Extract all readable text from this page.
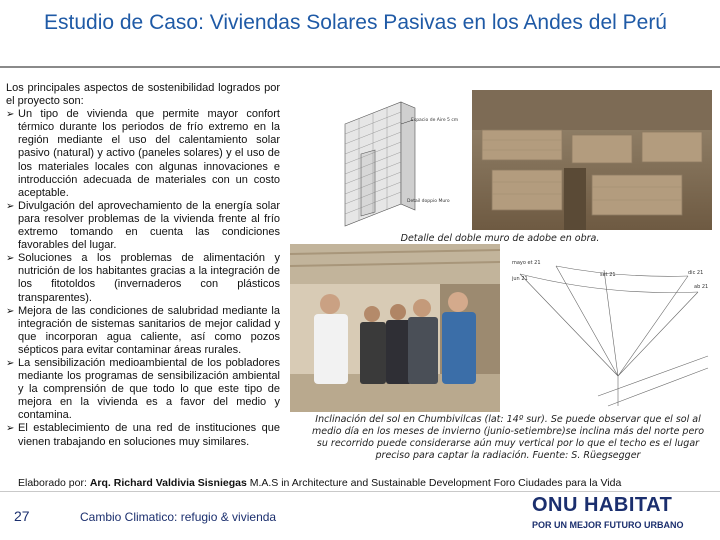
Estudio de Caso: Viviendas Solares Pasivas en los Andes del Perú

Los principales aspectos de sostenibilidad logrados por el proyecto son:

➢ Un tipo de vivienda que permite mayor confort térmico durante los periodos de frío extremo en la región mediante el uso del calentamiento solar pasivo (natural) y activo (paneles solares) y el uso de los materiales locales con algunas innovaciones e introducción adecuada de materiales con un costo aceptable.
➢ Divulgación del aprovechamiento de la energía solar para resolver problemas de la vivienda frente al frío extremo tomando en cuenta las condiciones favorables del lugar.
➢ Soluciones a los problemas de alimentación y nutrición de los habitantes gracias a la integración de los fitotoldos (invernaderos con plásticos transparentes).
➢ Mejora de las condiciones de salubridad mediante la integración de sistemas sanitarios de mejor calidad y que incorporan agua caliente, así como pozos sépticos para evitar contaminar áreas rurales.
➢ La sensibilización medioambiental de los pobladores mediante los programas de sensibilización ambiental y la comprensión de que todo lo que este tipo de mejora en la vivienda es a favor del medio y contamina.
➢ El establecimiento de una red de instituciones que vienen trabajando en soluciones muy similares.
Espacio de Aire 5 cm
Detail doppio Muro
Detalle del doble muro de adobe en obra.
mayo et 21
jun 21
dic 21
ab 21
set 21
Inclinación del sol en Chumbivilcas (lat: 14º sur). Se puede observar que el sol al medio día en los meses de invierno (junio-setiembre)se inclina más del norte pero su recorrido puede considerarse aún muy vertical por lo que el techo es el lugar preciso para captar la radiación. Fuente: S. Rüegsegger
Elaborado por: Arq. Richard Valdivia Sisniegas M.A.S in Architecture and Sustainable Development Foro Ciudades para la Vida
27	Cambio Climatico: refugio & vivienda
ONU HABITAT
POR UN MEJOR FUTURO URBANO
